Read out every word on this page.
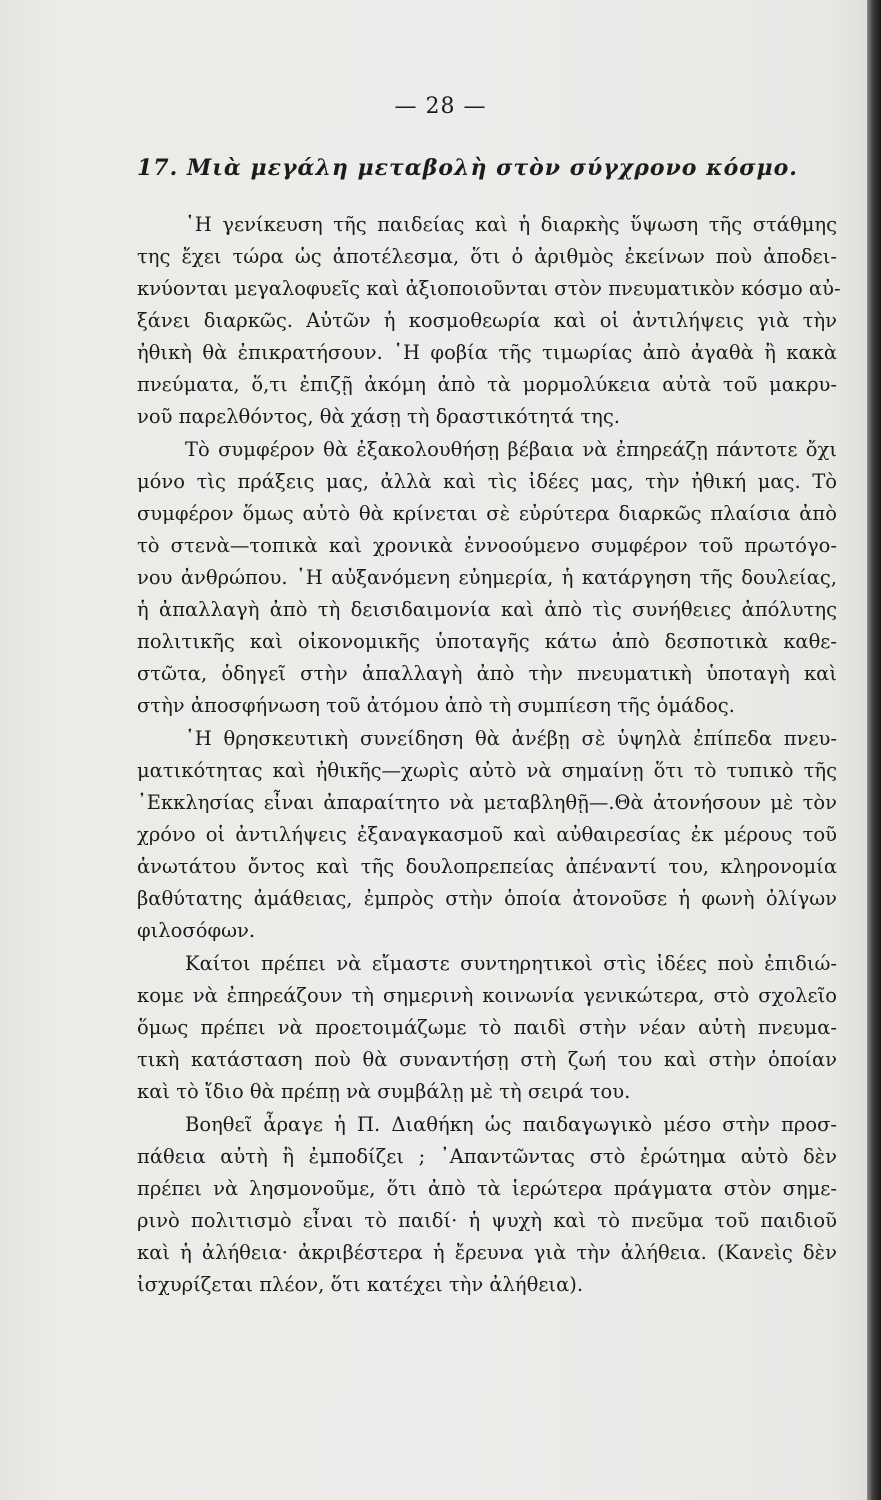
— 28 —
17. Μιὰ μεγάλη μεταβολὴ στὸν σύγχρονο κόσμο.
῾Η γενίκευση τῆς παιδείας καὶ ἡ διαρκὴς ὕψωση τῆς στάθμης
της ἔχει τώρα ὡς ἀποτέλεσμα, ὅτι ὁ ἀριθμὸς ἐκείνων ποὺ ἀποδει-
κνύονται μεγαλοφυεῖς καὶ ἀξιοποιοῦνται στὸν πνευματικὸν κόσμο αὐ-
ξάνει διαρκῶς. Αὐτῶν ἡ κοσμοθεωρία καὶ οἱ ἀντιλήψεις γιὰ τὴν
ἠθικὴ θὰ ἐπικρατήσουν. ῾Η φοβία τῆς τιμωρίας ἀπὸ ἀγαθὰ ἢ κακὰ
πνεύματα, ὅ,τι ἐπιζῇ ἀκόμη ἀπὸ τὰ μορμολύκεια αὐτὰ τοῦ μακρυ-
νοῦ παρελθόντος, θὰ χάσῃ τὴ δραστικότητά της.
Τὸ συμφέρον θὰ ἐξακολουθήσῃ βέβαια νὰ ἐπηρεάζῃ πάντοτε ὄχι
μόνο τὶς πράξεις μας, ἀλλὰ καὶ τὶς ἰδέες μας, τὴν ἠθική μας. Τὸ
συμφέρον ὅμως αὐτὸ θὰ κρίνεται σὲ εὐρύτερα διαρκῶς πλαίσια ἀπὸ
τὸ στενὰ—τοπικὰ καὶ χρονικὰ ἐννοούμενο συμφέρον τοῦ πρωτόγο-
νου ἀνθρώπου. ῾Η αὐξανόμενη εὐημερία, ἡ κατάργηση τῆς δουλείας,
ἡ ἀπαλλαγὴ ἀπὸ τὴ δεισιδαιμονία καὶ ἀπὸ τὶς συνήθειες ἀπόλυτης
πολιτικῆς καὶ οἰκονομικῆς ὑποταγῆς κάτω ἀπὸ δεσποτικὰ καθε-
στῶτα, ὁδηγεῖ στὴν ἀπαλλαγὴ ἀπὸ τὴν πνευματικὴ ὑποταγὴ καὶ
στὴν ἀποσφήνωση τοῦ ἀτόμου ἀπὸ τὴ συμπίεση τῆς ὁμάδος.
῾Η θρησκευτικὴ συνείδηση θὰ ἀνέβῃ σὲ ὑψηλὰ ἐπίπεδα πνευ-
ματικότητας καὶ ἠθικῆς—χωρὶς αὐτὸ νὰ σημαίνῃ ὅτι τὸ τυπικὸ τῆς
᾿Εκκλησίας εἶναι ἀπαραίτητο νὰ μεταβληθῇ—.Θὰ ἀτονήσουν μὲ τὸν
χρόνο οἱ ἀντιλήψεις ἐξαναγκασμοῦ καὶ αὐθαιρεσίας ἐκ μέρους τοῦ
ἀνωτάτου ὄντος καὶ τῆς δουλοπρεπείας ἀπέναντί του, κληρονομία
βαθύτατης ἀμάθειας, ἐμπρὸς στὴν ὁποία ἀτονοῦσε ἡ φωνὴ ὀλίγων
φιλοσόφων.
Καίτοι πρέπει νὰ εἴμαστε συντηρητικοὶ στὶς ἰδέες ποὺ ἐπιδιώ-
κομε νὰ ἐπηρεάζουν τὴ σημερινὴ κοινωνία γενικώτερα, στὸ σχολεῖο
ὅμως πρέπει νὰ προετοιμάζωμε τὸ παιδὶ στὴν νέαν αὐτὴ πνευμα-
τικὴ κατάσταση ποὺ θὰ συναντήσῃ στὴ ζωή του καὶ στὴν ὁποίαν
καὶ τὸ ἴδιο θὰ πρέπῃ νὰ συμβάλῃ μὲ τὴ σειρά του.
Βοηθεῖ ἆραγε ἡ Π. Διαθήκη ὡς παιδαγωγικὸ μέσο στὴν προσ-
πάθεια αὐτὴ ἢ ἐμποδίζει ; ᾿Απαντῶντας στὸ ἐρώτημα αὐτὸ δὲν
πρέπει νὰ λησμονοῦμε, ὅτι ἀπὸ τὰ ἱερώτερα πράγματα στὸν σημε-
ρινὸ πολιτισμὸ εἶναι τὸ παιδί· ἡ ψυχὴ καὶ τὸ πνεῦμα τοῦ παιδιοῦ
καὶ ἡ ἀλήθεια· ἀκριβέστερα ἡ ἔρευνα γιὰ τὴν ἀλήθεια. (Κανεὶς δὲν
ἰσχυρίζεται πλέον, ὅτι κατέχει τὴν ἀλήθεια).
